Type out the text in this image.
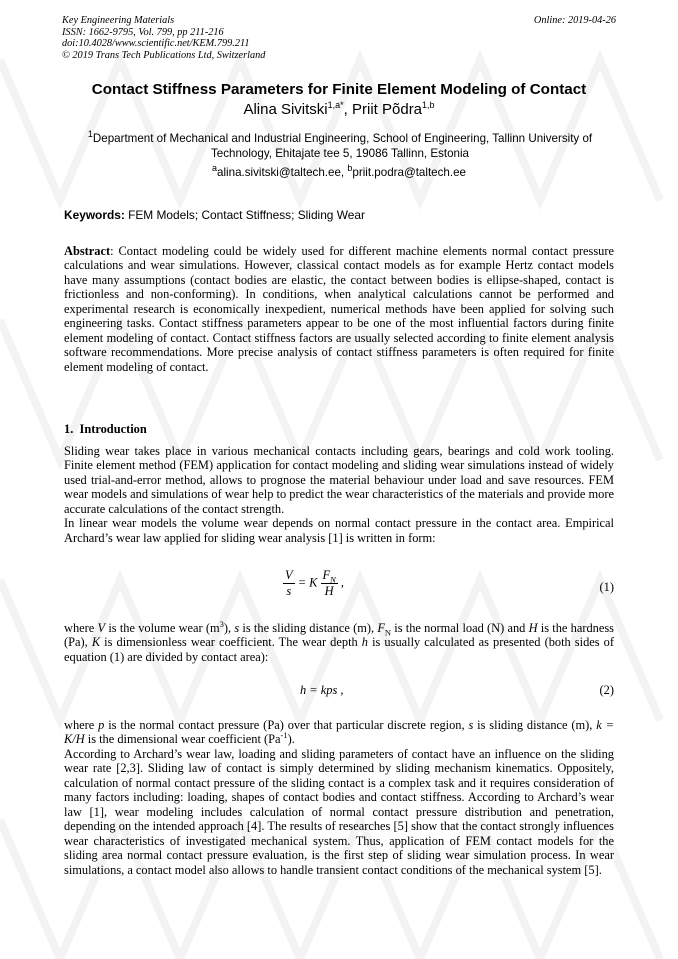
Key Engineering Materials
ISSN: 1662-9795, Vol. 799, pp 211-216
doi:10.4028/www.scientific.net/KEM.799.211
© 2019 Trans Tech Publications Ltd, Switzerland
Online: 2019-04-26
Contact Stiffness Parameters for Finite Element Modeling of Contact
Alina Sivitski$^{1,a*}$, Priit Põdra$^{1,b}$
$^1$Department of Mechanical and Industrial Engineering, School of Engineering, Tallinn University of Technology, Ehitajate tee 5, 19086 Tallinn, Estonia
$^a$alina.sivitski@taltech.ee, $^b$priit.podra@taltech.ee
Keywords: FEM Models; Contact Stiffness; Sliding Wear
Abstract: Contact modeling could be widely used for different machine elements normal contact pressure calculations and wear simulations. However, classical contact models as for example Hertz contact models have many assumptions (contact bodies are elastic, the contact between bodies is ellipse-shaped, contact is frictionless and non-conforming). In conditions, when analytical calculations cannot be performed and experimental research is economically inexpedient, numerical methods have been applied for solving such engineering tasks. Contact stiffness parameters appear to be one of the most influential factors during finite element modeling of contact. Contact stiffness factors are usually selected according to finite element analysis software recommendations. More precise analysis of contact stiffness parameters is often required for finite element modeling of contact.
1. Introduction
Sliding wear takes place in various mechanical contacts including gears, bearings and cold work tooling. Finite element method (FEM) application for contact modeling and sliding wear simulations instead of widely used trial-and-error method, allows to prognose the material behaviour under load and save resources. FEM wear models and simulations of wear help to predict the wear characteristics of the materials and provide more accurate calculations of the contact strength.
In linear wear models the volume wear depends on normal contact pressure in the contact area. Empirical Archard’s wear law applied for sliding wear analysis [1] is written in form:
$\frac{V}{s} = K \frac{F_N}{H}$ ,	(1)
where V is the volume wear $(m^3)$, s is the sliding distance (m), $F_N$ is the normal load (N) and H is the hardness (Pa), K is dimensionless wear coefficient. The wear depth h is usually calculated as presented (both sides of equation (1) are divided by contact area):
h = kps ,	(2)
where p is the normal contact pressure (Pa) over that particular discrete region, s is sliding distance (m), k = K/H is the dimensional wear coefficient $(Pa^{-1})$.
According to Archard’s wear law, loading and sliding parameters of contact have an influence on the sliding wear rate [2,3]. Sliding law of contact is simply determined by sliding mechanism kinematics. Oppositely, calculation of normal contact pressure of the sliding contact is a complex task and it requires consideration of many factors including: loading, shapes of contact bodies and contact stiffness. According to Archard’s wear law [1], wear modeling includes calculation of normal contact pressure distribution and penetration, depending on the intended approach [4]. The results of researches [5] show that the contact strongly influences wear characteristics of investigated mechanical system. Thus, application of FEM contact models for the sliding area normal contact pressure evaluation, is the first step of sliding wear simulation process. In wear simulations, a contact model also allows to handle transient contact conditions of the mechanical system [5].
